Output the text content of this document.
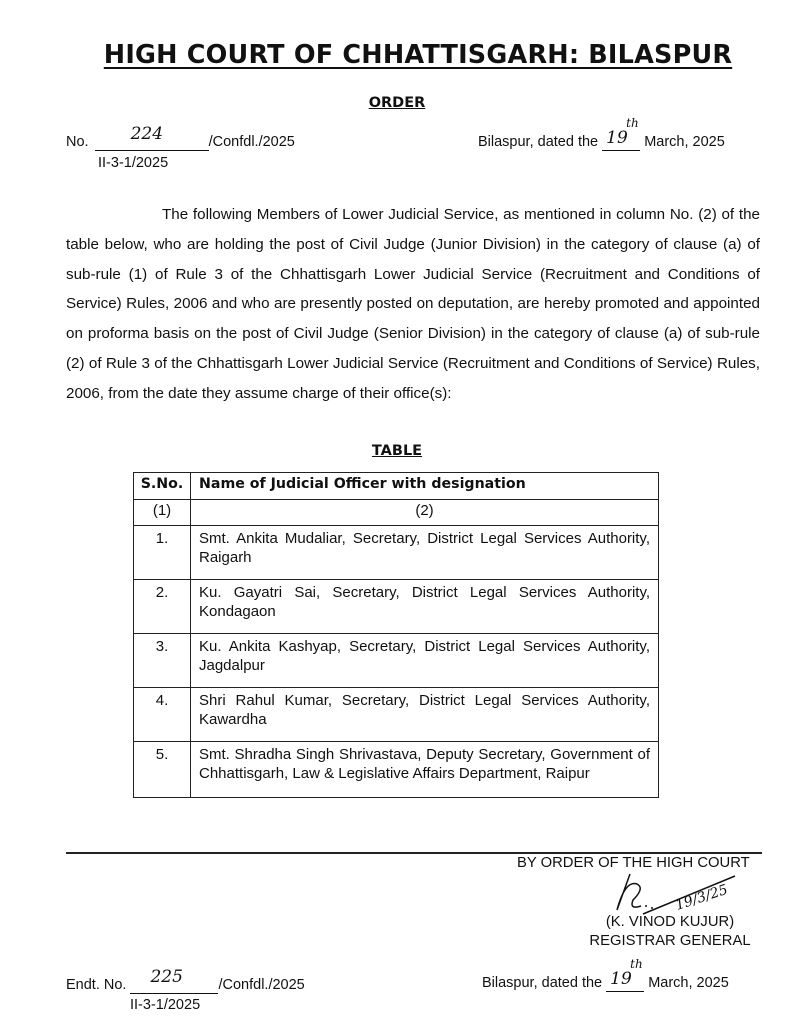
HIGH COURT OF CHHATTISGARH: BILASPUR
ORDER
No. 224	/Confdl./2025
II-3-1/2025
Bilaspur, dated the 19
th
March, 2025

The following Members of Lower Judicial Service, as mentioned in column No. (2) of the table below, who are holding the post of Civil Judge (Junior Division) in the category of clause (a) of sub-rule (1) of Rule 3 of the Chhattisgarh Lower Judicial Service (Recruitment and Conditions of Service) Rules, 2006 and who are presently posted on deputation, are hereby promoted and appointed on proforma basis on the post of Civil Judge (Senior Division) in the category of clause (a) of sub-rule (2) of Rule 3 of the Chhattisgarh Lower Judicial Service (Recruitment and Conditions of Service) Rules, 2006, from the date they assume charge of their office(s):

TABLE
S.No.	Name of Judicial Officer with designation
(1)	(2)
1.	Smt. Ankita Mudaliar, Secretary, District Legal Services Authority, Raigarh
2.	Ku. Gayatri Sai, Secretary, District Legal Services Authority, Kondagaon
3.	Ku. Ankita Kashyap, Secretary, District Legal Services Authority, Jagdalpur
4.	Shri Rahul Kumar, Secretary, District Legal Services Authority, Kawardha
5.	Smt. Shradha Singh Shrivastava, Deputy Secretary, Government of Chhattisgarh, Law & Legislative Affairs Department, Raipur
BY ORDER OF THE HIGH COURT
19/3/25
(K. VINOD KUJUR)
REGISTRAR GENERAL
Endt. No. 225 /Confdl./2025
II-3-1/2025
Bilaspur, dated the 19
th
March, 2025
